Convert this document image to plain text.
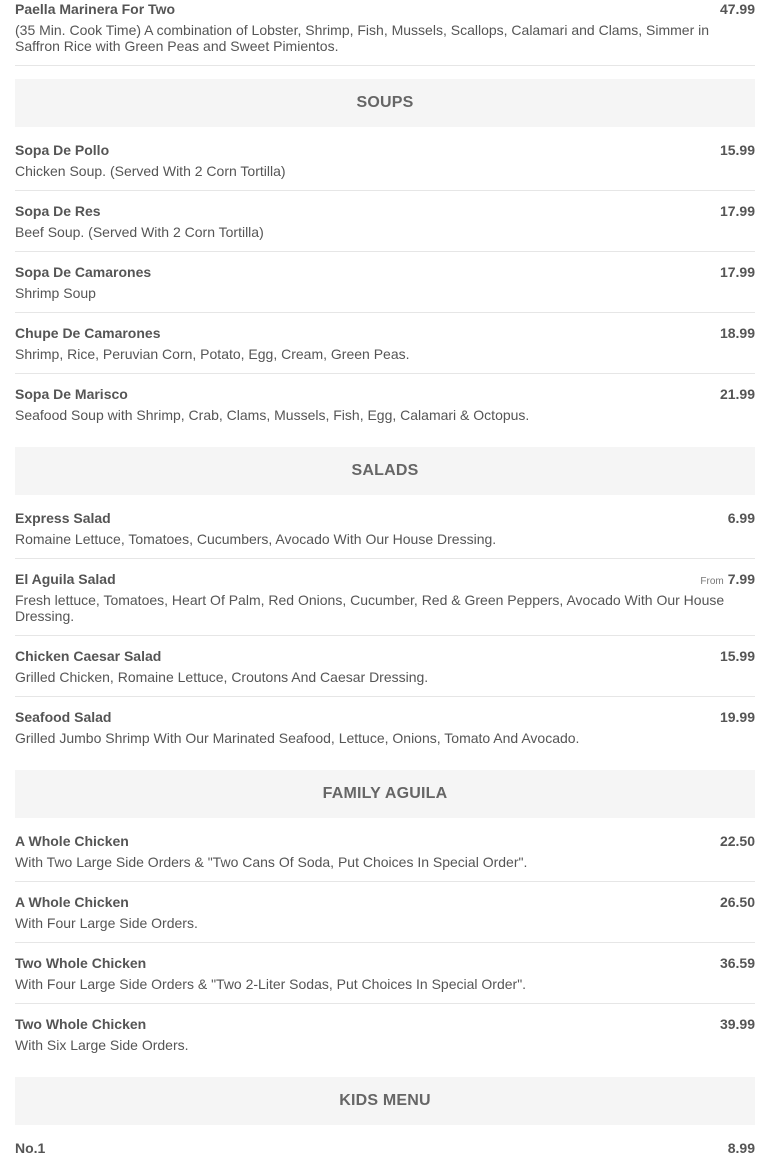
Paella Marinera For Two	47.99
(35 Min. Cook Time) A combination of Lobster, Shrimp, Fish, Mussels, Scallops, Calamari and Clams, Simmer in Saffron Rice with Green Peas and Sweet Pimientos.
SOUPS
Sopa De Pollo	15.99
Chicken Soup. (Served With 2 Corn Tortilla)
Sopa De Res	17.99
Beef Soup. (Served With 2 Corn Tortilla)
Sopa De Camarones	17.99
Shrimp Soup
Chupe De Camarones	18.99
Shrimp, Rice, Peruvian Corn, Potato, Egg, Cream, Green Peas.
Sopa De Marisco	21.99
Seafood Soup with Shrimp, Crab, Clams, Mussels, Fish, Egg, Calamari & Octopus.
SALADS
Express Salad	6.99
Romaine Lettuce, Tomatoes, Cucumbers, Avocado With Our House Dressing.
El Aguila Salad	From 7.99
Fresh lettuce, Tomatoes, Heart Of Palm, Red Onions, Cucumber, Red & Green Peppers, Avocado With Our House Dressing.
Chicken Caesar Salad	15.99
Grilled Chicken, Romaine Lettuce, Croutons And Caesar Dressing.
Seafood Salad	19.99
Grilled Jumbo Shrimp With Our Marinated Seafood, Lettuce, Onions, Tomato And Avocado.
FAMILY AGUILA
A Whole Chicken	22.50
With Two Large Side Orders & "Two Cans Of Soda, Put Choices In Special Order".
A Whole Chicken	26.50
With Four Large Side Orders.
Two Whole Chicken	36.59
With Four Large Side Orders & "Two 2-Liter Sodas, Put Choices In Special Order".
Two Whole Chicken	39.99
With Six Large Side Orders.
KIDS MENU
No.1	8.99
